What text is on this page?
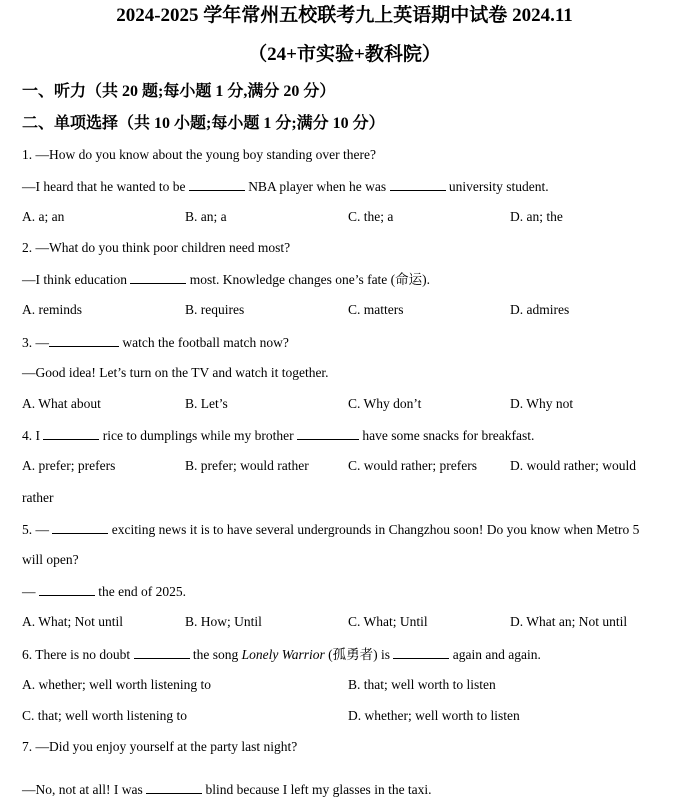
2024-2025 学年常州五校联考九上英语期中试卷 2024.11
（24+市实验+教科院）
一、听力（共 20 题;每小题 1 分,满分 20 分）
二、单项选择（共 10 小题;每小题 1 分;满分 10 分）
1. —How do you know about the young boy standing over there?
—I heard that he wanted to be	NBA player when he was	university student.
A. a; an	B. an; a	C. the; a	D. an; the
2. —What do you think poor children need most?
—I think education	most. Knowledge changes one’s fate (命运).
A. reminds	B. requires	C. matters	D. admires
3. —	watch the football match now?
—Good idea! Let’s turn on the TV and watch it together.
A. What about	B. Let’s	C. Why don’t	D. Why not
4. I	rice to dumplings while my brother	have some snacks for breakfast.
A. prefer; prefers	B. prefer; would rather	C. would rather; prefers D. would rather; would
rather
5. —	exciting news it is to have several undergrounds in Changzhou soon! Do you know when Metro 5
will open?
—	the end of 2025.
A. What; Not until	B. How; Until	C. What; Until	D. What an; Not until
6. There is no doubt	the song Lonely Warrior (孤勇者) is	again and again.
A. whether; well worth listening to	B. that; well worth to listen
C. that; well worth listening to	D. whether; well worth to listen
7. —Did you enjoy yourself at the party last night?
—No, not at all! I was	blind because I left my glasses in the taxi.
